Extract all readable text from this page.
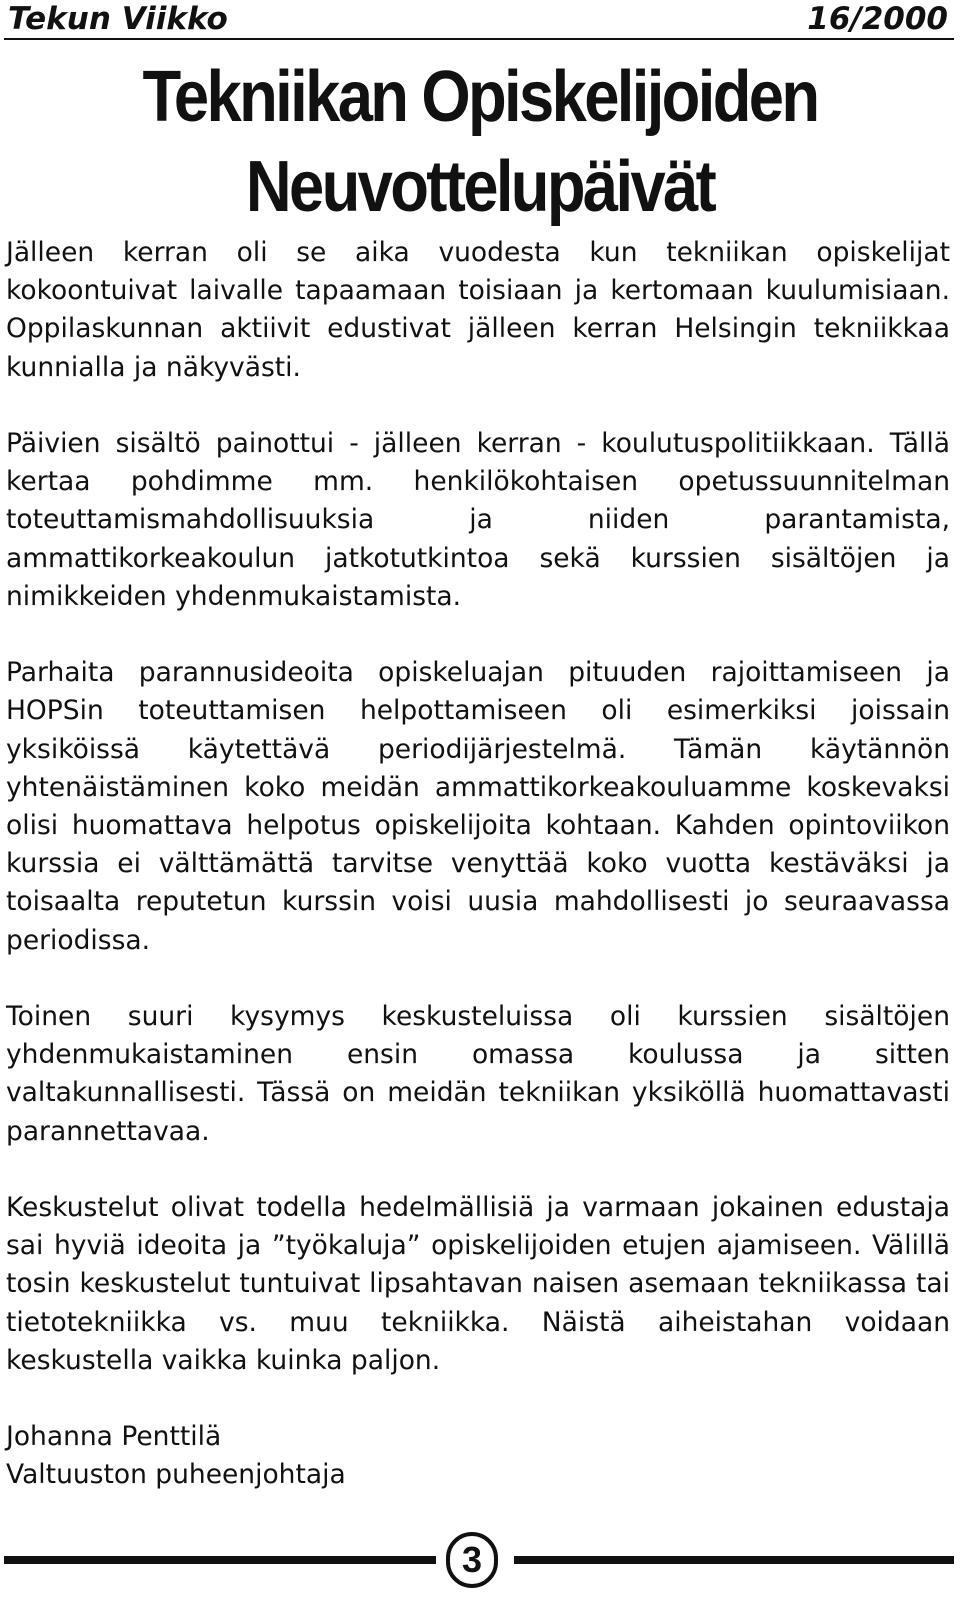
Tekun Viikko	16/2000
Tekniikan Opiskelijoiden
Neuvottelupäivät

Jälleen kerran oli se aika vuodesta kun tekniikan opiskelijat kokoontuivat laivalle tapaamaan toisiaan ja kertomaan kuulumisiaan. Oppilaskunnan aktiivit edustivat jälleen kerran Helsingin tekniikkaa kunnialla ja näkyvästi.

Päivien sisältö painottui - jälleen kerran - koulutuspolitiikkaan. Tällä kertaa pohdimme mm. henkilökohtaisen opetussuunnitelman toteuttamismahdollisuuksia ja niiden parantamista, ammattikorkeakoulun jatkotutkintoa sekä kurssien sisältöjen ja nimikkeiden yhdenmukaistamista.

Parhaita parannusideoita opiskeluajan pituuden rajoittamiseen ja HOPSin toteuttamisen helpottamiseen oli esimerkiksi joissain yksiköissä käytettävä periodijärjestelmä. Tämän käytännön yhtenäistäminen koko meidän ammattikorkeakouluamme koskevaksi olisi huomattava helpotus opiskelijoita kohtaan. Kahden opintoviikon kurssia ei välttämättä tarvitse venyttää koko vuotta kestäväksi ja toisaalta reputetun kurssin voisi uusia mahdollisesti jo seuraavassa periodissa.

Toinen suuri kysymys keskusteluissa oli kurssien sisältöjen yhdenmukaistaminen ensin omassa koulussa ja sitten valtakunnallisesti. Tässä on meidän tekniikan yksiköllä huomattavasti parannettavaa.

Keskustelut olivat todella hedelmällisiä ja varmaan jokainen edustaja sai hyviä ideoita ja ”työkaluja” opiskelijoiden etujen ajamiseen. Välillä tosin keskustelut tuntuivat lipsahtavan naisen asemaan tekniikassa tai tietotekniikka vs. muu tekniikka. Näistä aiheistahan voidaan keskustella vaikka kuinka paljon.

Johanna Penttilä

Valtuuston puheenjohtaja

3
